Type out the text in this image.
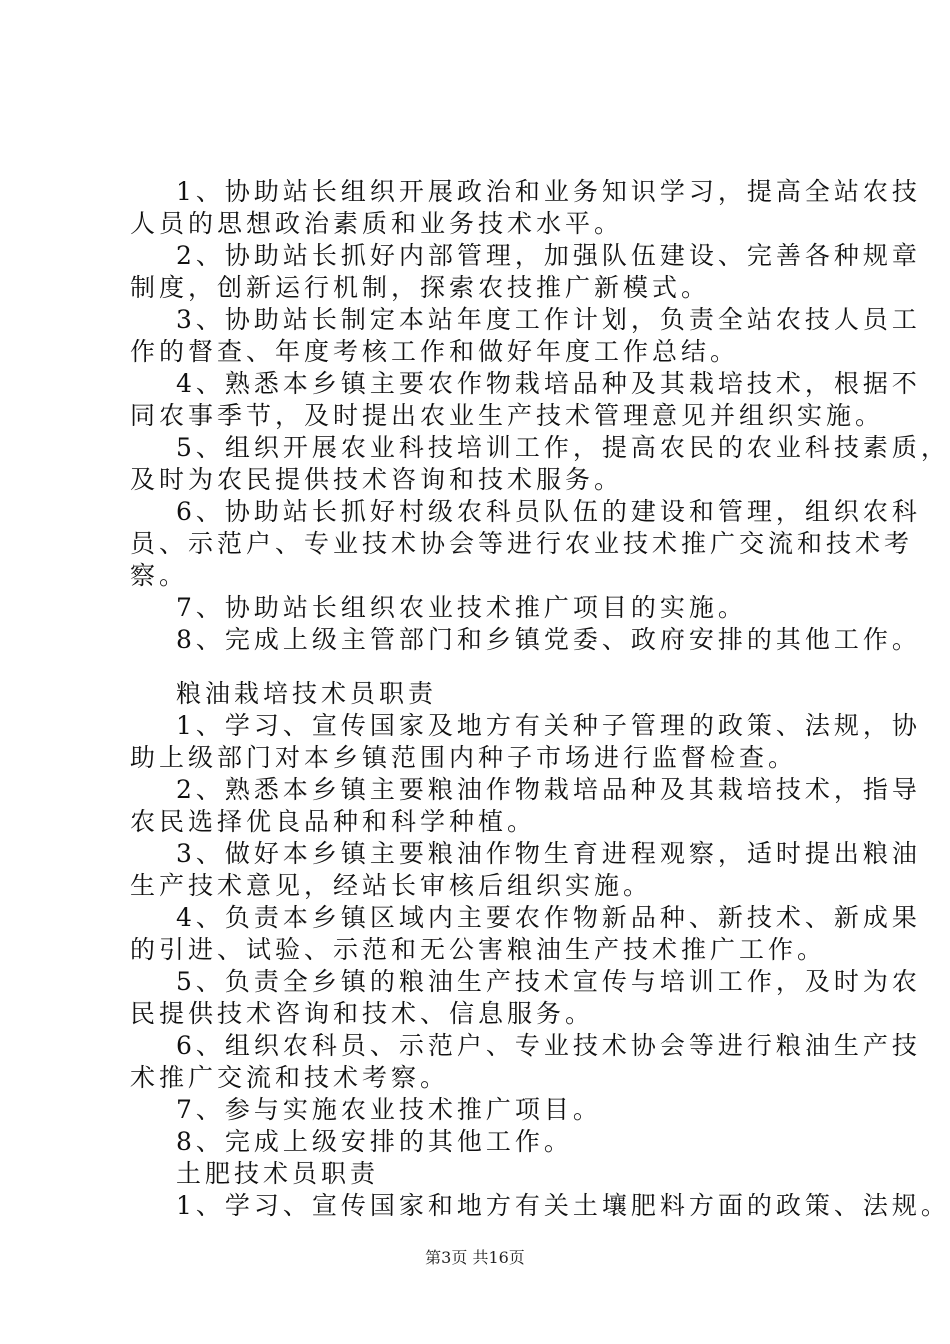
1、协助站长组织开展政治和业务知识学习，提高全站农技
人员的思想政治素质和业务技术水平。
2、协助站长抓好内部管理，加强队伍建设、完善各种规章
制度，创新运行机制，探索农技推广新模式。
3、协助站长制定本站年度工作计划，负责全站农技人员工
作的督查、年度考核工作和做好年度工作总结。
4、熟悉本乡镇主要农作物栽培品种及其栽培技术，根据不
同农事季节，及时提出农业生产技术管理意见并组织实施。
5、组织开展农业科技培训工作，提高农民的农业科技素质，
及时为农民提供技术咨询和技术服务。
6、协助站长抓好村级农科员队伍的建设和管理，组织农科
员、示范户、专业技术协会等进行农业技术推广交流和技术考
察。
7、协助站长组织农业技术推广项目的实施。
8、完成上级主管部门和乡镇党委、政府安排的其他工作。
粮油栽培技术员职责
1、学习、宣传国家及地方有关种子管理的政策、法规，协
助上级部门对本乡镇范围内种子市场进行监督检查。
2、熟悉本乡镇主要粮油作物栽培品种及其栽培技术，指导
农民选择优良品种和科学种植。
3、做好本乡镇主要粮油作物生育进程观察，适时提出粮油
生产技术意见，经站长审核后组织实施。
4、负责本乡镇区域内主要农作物新品种、新技术、新成果
的引进、试验、示范和无公害粮油生产技术推广工作。
5、负责全乡镇的粮油生产技术宣传与培训工作，及时为农
民提供技术咨询和技术、信息服务。
6、组织农科员、示范户、专业技术协会等进行粮油生产技
术推广交流和技术考察。
7、参与实施农业技术推广项目。
8、完成上级安排的其他工作。
土肥技术员职责
1、学习、宣传国家和地方有关土壤肥料方面的政策、法规。
第3页 共16页
